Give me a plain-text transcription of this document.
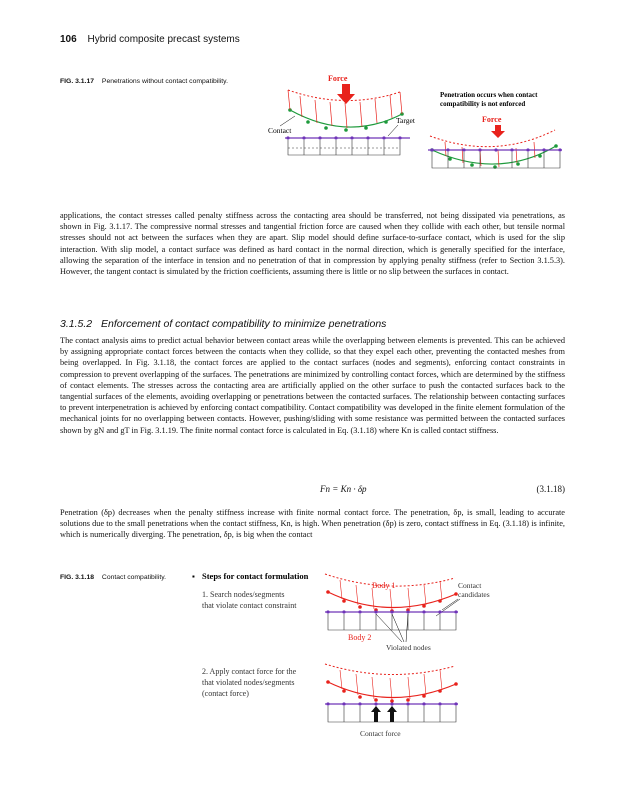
106 Hybrid composite precast systems
FIG. 3.1.17 Penetrations without contact compatibility.	Force
Target
Contact
Penetration occurs when contact
compatibility is not enforced
Force

applications, the contact stresses called penalty stiffness across the contacting area should be transferred, not being dissipated via penetrations, as shown in Fig. 3.1.17. The compressive normal stresses and tangential friction force are caused when they collide with each other, but tensile normal stresses should not act between the surfaces when they are apart. Slip model should define surface-to-surface contact, which is used for the slip interaction. With slip model, a contact surface was defined as hard contact in the normal direction, which is generally specified for the interface, allowing the separation of the interface in tension and no penetration of that in compression by applying penalty stiffness (refer to Section 3.1.5.3). However, the tangent contact is simulated by the friction coefficients, assuming there is little or no slip between the surfaces in contact.

3.1.5.2 Enforcement of contact compatibility to minimize penetrations

The contact analysis aims to predict actual behavior between contact areas while the overlapping between elements is prevented. This can be achieved by assigning appropriate contact forces between the contacts when they collide, so that they expel each other, preventing the contacted meshes from being overlapped. In Fig. 3.1.18, the contact forces are applied to the contact surfaces (nodes and segments), enforcing contact constraints in compression to prevent overlapping of the surfaces. The penetrations are minimized by controlling contact forces, which are determined by the stiffness of contact elements. The stresses across the contacting area are artificially applied on the other surface to push the contacted surfaces back to the tangential surfaces of the elements, avoiding overlapping or penetrations between the contacted surfaces. The relationship between contacting surfaces to prevent interpenetration is achieved by enforcing contact compatibility. Contact compatibility was developed in the finite element formulation of the mechanical joints for no overlapping between contacts. However, pushing/sliding with some resistance was permitted between the contacted surfaces shown by gN and gT in Fig. 3.1.19. The finite normal contact force is calculated in Eq. (3.1.18) where Kn is called contact stiffness.

Fn = Kn · δp	(3.1.18)

Penetration (δp) decreases when the penalty stiffness increase with finite normal contact force. The penetration, δp, is small, leading to accurate solutions due to the small penetrations when the contact stiffness, Kn, is high. When penetration (δp) is zero, contact stiffness in Eq. (3.1.18) is infinite, which is numerically diverging. The penetration, δp, is big when the contact

FIG. 3.1.18 Contact compatibility.	▪ Steps for contact formulation
1. Search nodes/segments
that violate contact constraint
Body 1	Contact
candidates
Body 2
Violated nodes
2. Apply contact force for the
that violated nodes/segments
(contact force)
Contact force
